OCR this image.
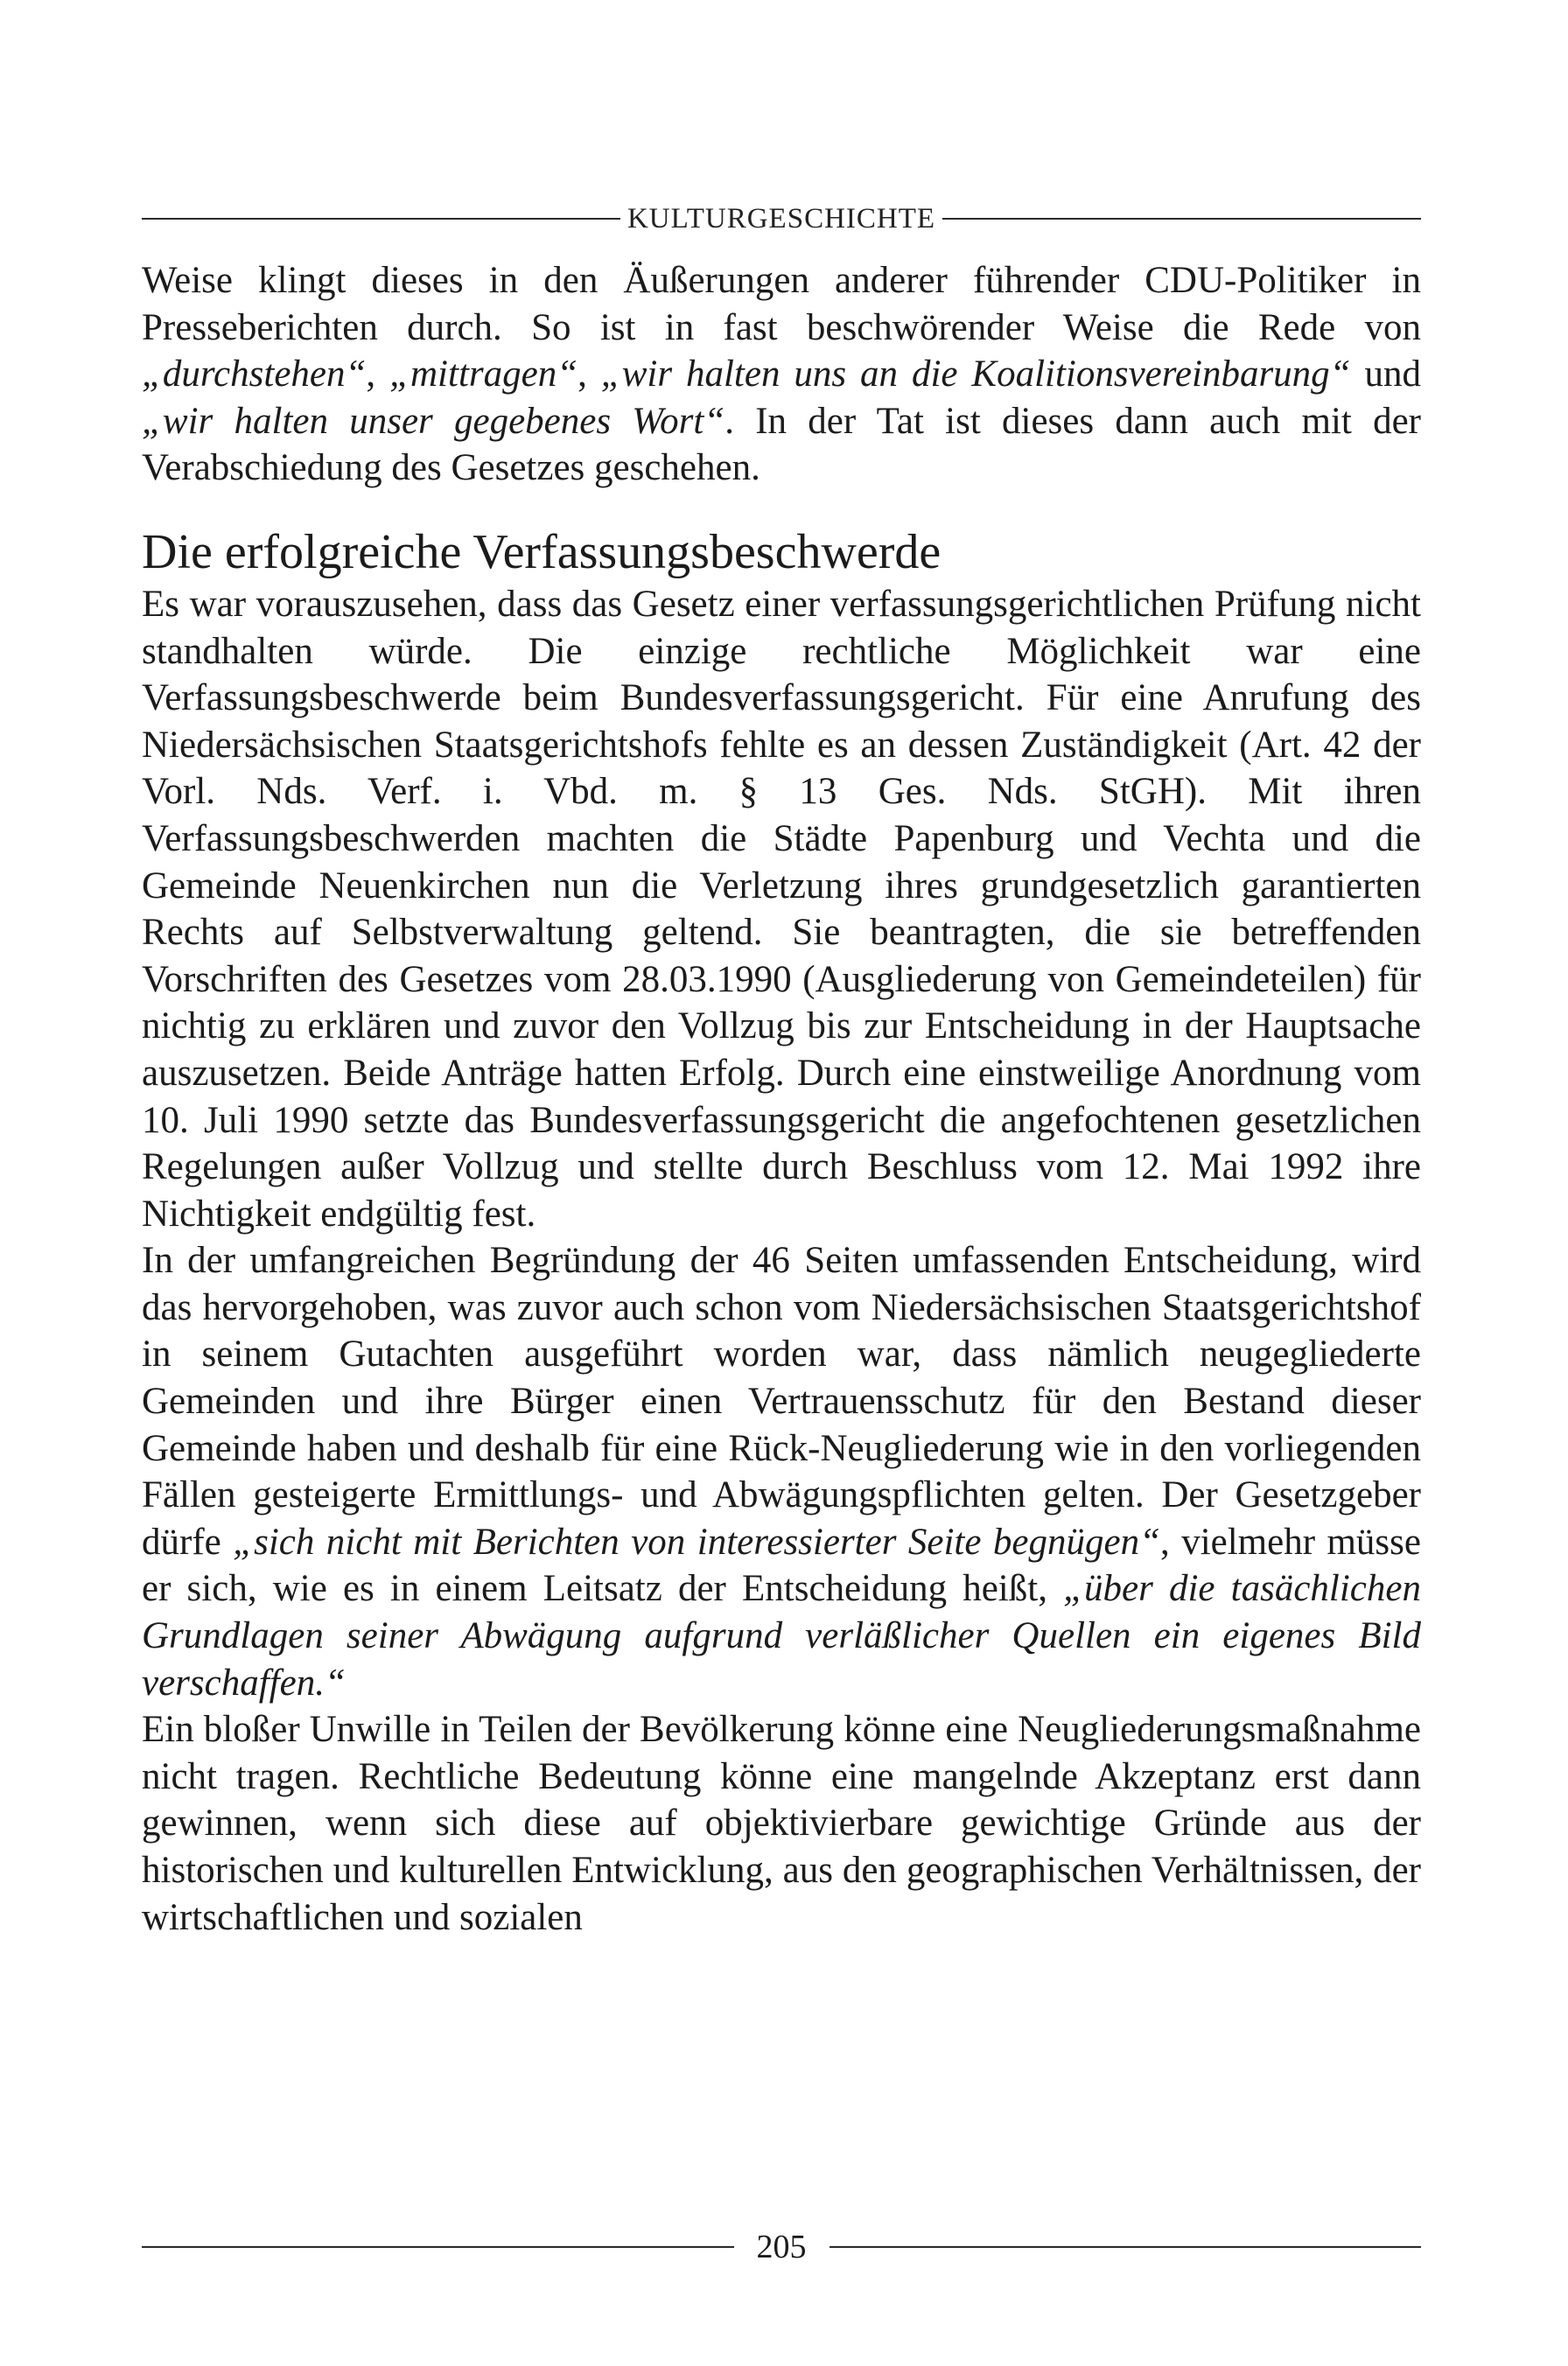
KULTURGESCHICHTE

Weise klingt dieses in den Äußerungen anderer führender CDU-Politiker in Presseberichten durch. So ist in fast beschwörender Weise die Rede von „durchstehen“, „mittragen“, „wir halten uns an die Koalitionsvereinbarung“ und „wir halten unser gegebenes Wort“. In der Tat ist dieses dann auch mit der Verabschiedung des Gesetzes geschehen.

Die erfolgreiche Verfassungsbeschwerde

Es war vorauszusehen, dass das Gesetz einer verfassungsgerichtlichen Prüfung nicht standhalten würde. Die einzige rechtliche Möglichkeit war eine Verfassungsbeschwerde beim Bundesverfassungsgericht. Für eine Anrufung des Niedersächsischen Staatsgerichtshofs fehlte es an dessen Zuständigkeit (Art. 42 der Vorl. Nds. Verf. i. Vbd. m. § 13 Ges. Nds. StGH). Mit ihren Verfassungsbeschwerden machten die Städte Papenburg und Vechta und die Gemeinde Neuenkirchen nun die Verletzung ihres grundgesetzlich garantierten Rechts auf Selbstverwaltung geltend. Sie beantragten, die sie betreffenden Vorschriften des Gesetzes vom 28.03.1990 (Ausgliederung von Gemeindeteilen) für nichtig zu erklären und zuvor den Vollzug bis zur Entscheidung in der Hauptsache auszusetzen. Beide Anträge hatten Erfolg. Durch eine einstweilige Anordnung vom 10. Juli 1990 setzte das Bundesverfassungsgericht die angefochtenen gesetzlichen Regelungen außer Vollzug und stellte durch Beschluss vom 12. Mai 1992 ihre Nichtigkeit endgültig fest.

In der umfangreichen Begründung der 46 Seiten umfassenden Entscheidung, wird das hervorgehoben, was zuvor auch schon vom Niedersächsischen Staatsgerichtshof in seinem Gutachten ausgeführt worden war, dass nämlich neugegliederte Gemeinden und ihre Bürger einen Vertrauensschutz für den Bestand dieser Gemeinde haben und deshalb für eine Rück-Neugliederung wie in den vorliegenden Fällen gesteigerte Ermittlungs- und Abwägungspflichten gelten. Der Gesetzgeber dürfe „sich nicht mit Berichten von interessierter Seite begnügen“, vielmehr müsse er sich, wie es in einem Leitsatz der Entscheidung heißt, „über die tasächlichen Grundlagen seiner Abwägung aufgrund verläßlicher Quellen ein eigenes Bild verschaffen.“

Ein bloßer Unwille in Teilen der Bevölkerung könne eine Neugliederungsmaßnahme nicht tragen. Rechtliche Bedeutung könne eine mangelnde Akzeptanz erst dann gewinnen, wenn sich diese auf objektivierbare gewichtige Gründe aus der historischen und kulturellen Entwicklung, aus den geographischen Verhältnissen, der wirtschaftlichen und sozialen

205
